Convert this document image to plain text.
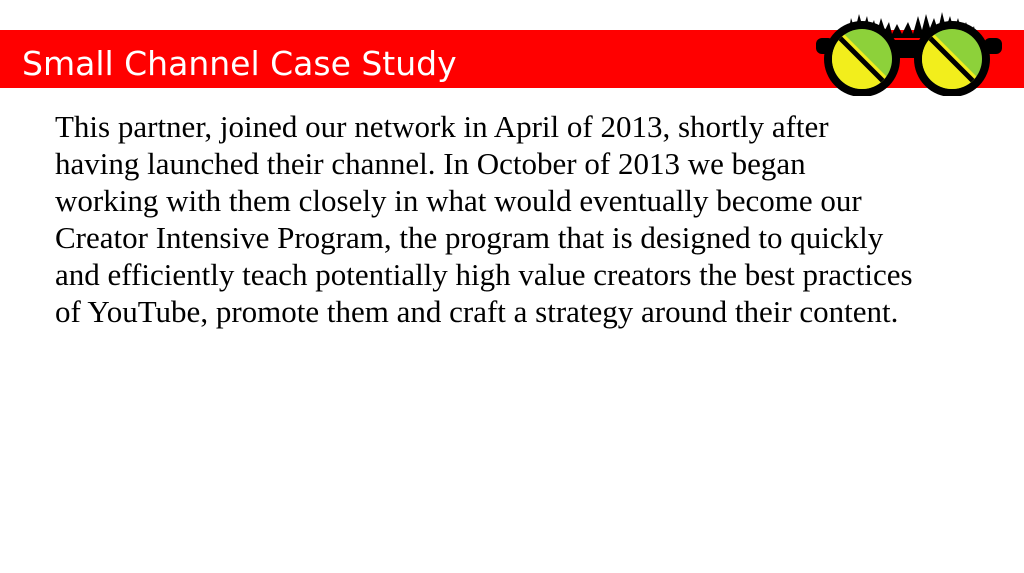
Small Channel Case Study

This partner, joined our network in April of 2013, shortly after having launched their channel. In October of 2013 we began working with them closely in what would eventually become our Creator Intensive Program, the program that is designed to quickly and efficiently teach potentially high value creators the best practices of YouTube, promote them and craft a strategy around their content.
